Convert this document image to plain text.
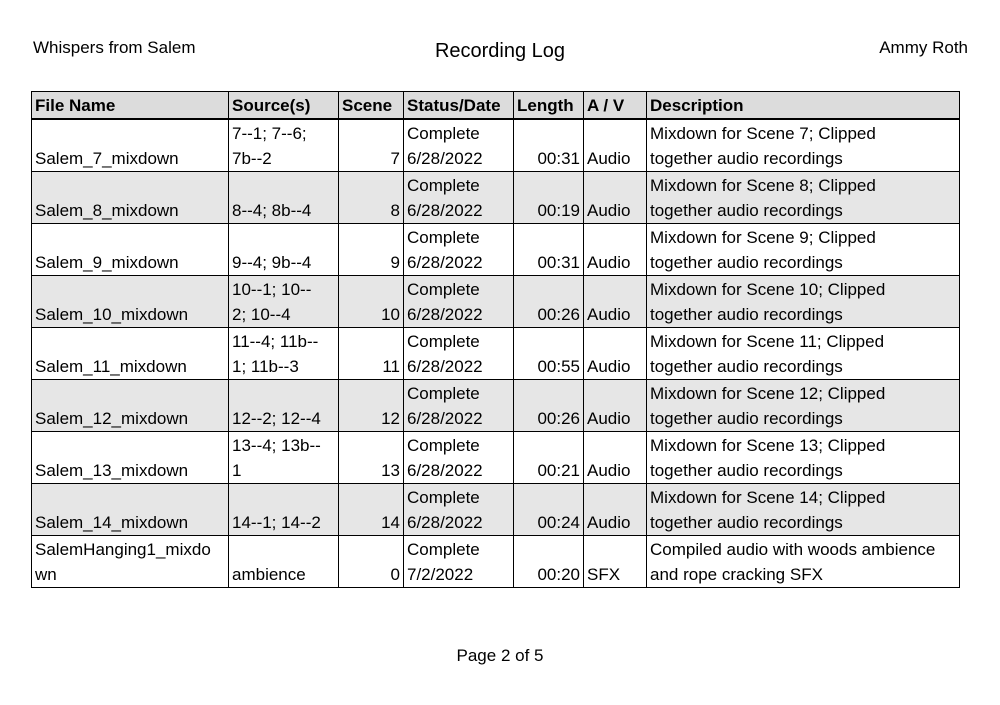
Whispers from Salem	Recording Log	Ammy Roth
File Name	Source(s)	Scene	Status/Date	Length	A / V	Description

Salem_7_mixdown	7--1; 7--6;
7b--2	7	Complete
6/28/2022	00:31	Audio	Mixdown for Scene 7; Clipped
together audio recordings

Salem_8_mixdown	8--4; 8b--4	8	Complete
6/28/2022	00:19	Audio	Mixdown for Scene 8; Clipped
together audio recordings

Salem_9_mixdown	9--4; 9b--4	9	Complete
6/28/2022	00:31	Audio	Mixdown for Scene 9; Clipped
together audio recordings

Salem_10_mixdown	10--1; 10--
2; 10--4	10	Complete
6/28/2022	00:26	Audio	Mixdown for Scene 10; Clipped
together audio recordings

Salem_11_mixdown	11--4; 11b--
1; 11b--3	11	Complete
6/28/2022	00:55	Audio	Mixdown for Scene 11; Clipped
together audio recordings

Salem_12_mixdown	12--2; 12--4	12	Complete
6/28/2022	00:26	Audio	Mixdown for Scene 12; Clipped
together audio recordings

Salem_13_mixdown	13--4; 13b--
1	13	Complete
6/28/2022	00:21	Audio	Mixdown for Scene 13; Clipped
together audio recordings

Salem_14_mixdown	14--1; 14--2	14	Complete
6/28/2022	00:24	Audio	Mixdown for Scene 14; Clipped
together audio recordings

SalemHanging1_mixdo
wn	ambience	0	Complete
7/2/2022	00:20	SFX	Compiled audio with woods ambience
and rope cracking SFX
Page 2 of 5
